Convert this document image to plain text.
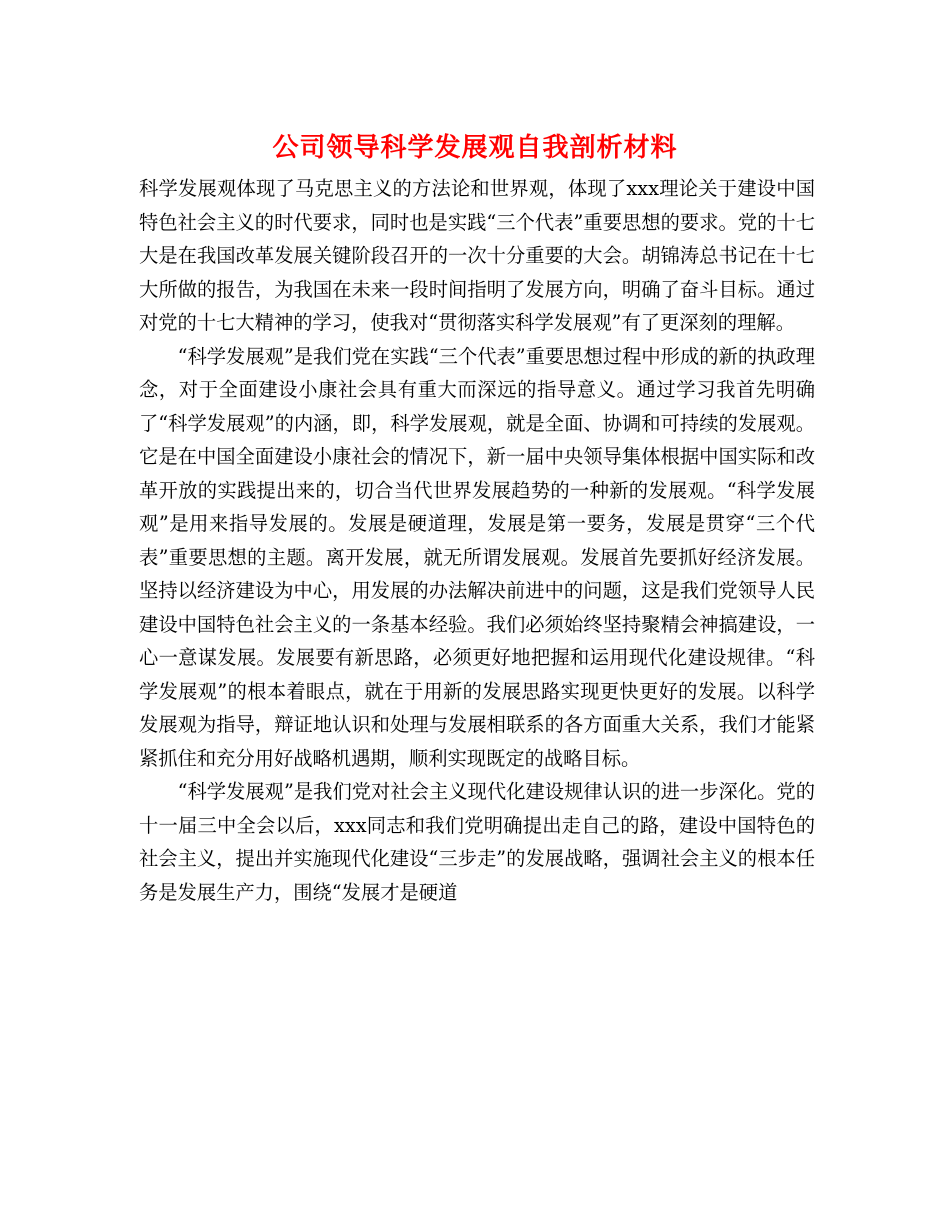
公司领导科学发展观自我剖析材料

科学发展观体现了马克思主义的方法论和世界观，体现了xxx理论关于建设中国特色社会主义的时代要求，同时也是实践“三个代表”重要思想的要求。党的十七大是在我国改革发展关键阶段召开的一次十分重要的大会。胡锦涛总书记在十七大所做的报告，为我国在未来一段时间指明了发展方向，明确了奋斗目标。通过对党的十七大精神的学习，使我对“贯彻落实科学发展观”有了更深刻的理解。

“科学发展观”是我们党在实践“三个代表”重要思想过程中形成的新的执政理念，对于全面建设小康社会具有重大而深远的指导意义。通过学习我首先明确了“科学发展观”的内涵，即，科学发展观，就是全面、协调和可持续的发展观。它是在中国全面建设小康社会的情况下，新一届中央领导集体根据中国实际和改革开放的实践提出来的，切合当代世界发展趋势的一种新的发展观。“科学发展观”是用来指导发展的。发展是硬道理，发展是第一要务，发展是贯穿“三个代表”重要思想的主题。离开发展，就无所谓发展观。发展首先要抓好经济发展。坚持以经济建设为中心，用发展的办法解决前进中的问题，这是我们党领导人民建设中国特色社会主义的一条基本经验。我们必须始终坚持聚精会神搞建设，一心一意谋发展。发展要有新思路，必须更好地把握和运用现代化建设规律。“科学发展观”的根本着眼点，就在于用新的发展思路实现更快更好的发展。以科学发展观为指导，辩证地认识和处理与发展相联系的各方面重大关系，我们才能紧紧抓住和充分用好战略机遇期，顺利实现既定的战略目标。

“科学发展观”是我们党对社会主义现代化建设规律认识的进一步深化。党的十一届三中全会以后，xxx同志和我们党明确提出走自己的路，建设中国特色的社会主义，提出并实施现代化建设“三步走”的发展战略，强调社会主义的根本任务是发展生产力，围绕“发展才是硬道
